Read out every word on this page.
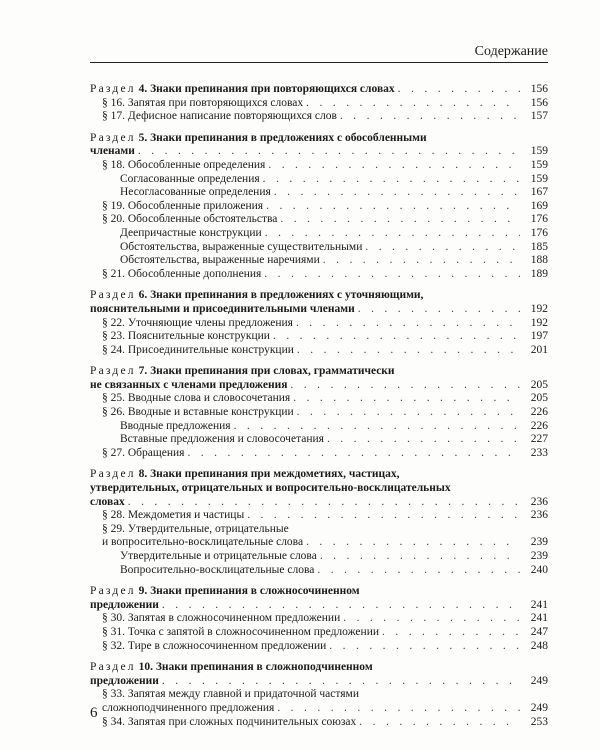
Содержание
Раздел 4. Знаки препинания при повторяющихся словах . . .	156
§ 16. Запятая при повторяющихся словах . . .	156
§ 17. Дефисное написание повторяющихся слов . . .	157
Раздел 5. Знаки препинания в предложениях с обособленными
членами . . .	159
§ 18. Обособленные определения . . .	159
Согласованные определения . . .	159
Несогласованные определения . . .	167
§ 19. Обособленные приложения . . .	169
§ 20. Обособленные обстоятельства . . .	176
Деепричастные конструкции . . .	176
Обстоятельства, выраженные существительными . . .	185
Обстоятельства, выраженные наречиями . . .	188
§ 21. Обособленные дополнения . . .	189
Раздел 6. Знаки препинания в предложениях с уточняющими,
пояснительными и присоединительными членами . . .	192
§ 22. Уточняющие члены предложения . . .	192
§ 23. Пояснительные конструкции . . .	197
§ 24. Присоединительные конструкции . . .	201
Раздел 7. Знаки препинания при словах, грамматически
не связанных с членами предложения . . .	205
§ 25. Вводные слова и словосочетания . . .	205
§ 26. Вводные и вставные конструкции . . .	226
Вводные предложения . . .	226
Вставные предложения и словосочетания . . .	227
§ 27. Обращения . . .	233
Раздел 8. Знаки препинания при междометиях, частицах,
утвердительных, отрицательных и вопросительно-восклицательных
словах . . .	236
§ 28. Междометия и частицы . . .	236
§ 29. Утвердительные, отрицательные
и вопросительно-восклицательные слова . . .	239
Утвердительные и отрицательные слова . . .	239
Вопросительно-восклицательные слова . . .	240
Раздел 9. Знаки препинания в сложносочиненном
предложении . . .	241
§ 30. Запятая в сложносочиненном предложении . . .	241
§ 31. Точка с запятой в сложносочиненном предложении . . .	247
§ 32. Тире в сложносочиненном предложении . . .	248
Раздел 10. Знаки препинания в сложноподчиненном
предложении . . .	249
§ 33. Запятая между главной и придаточной частями
сложноподчиненного предложения . . .	249
§ 34. Запятая при сложных подчинительных союзах . . .	253
6
